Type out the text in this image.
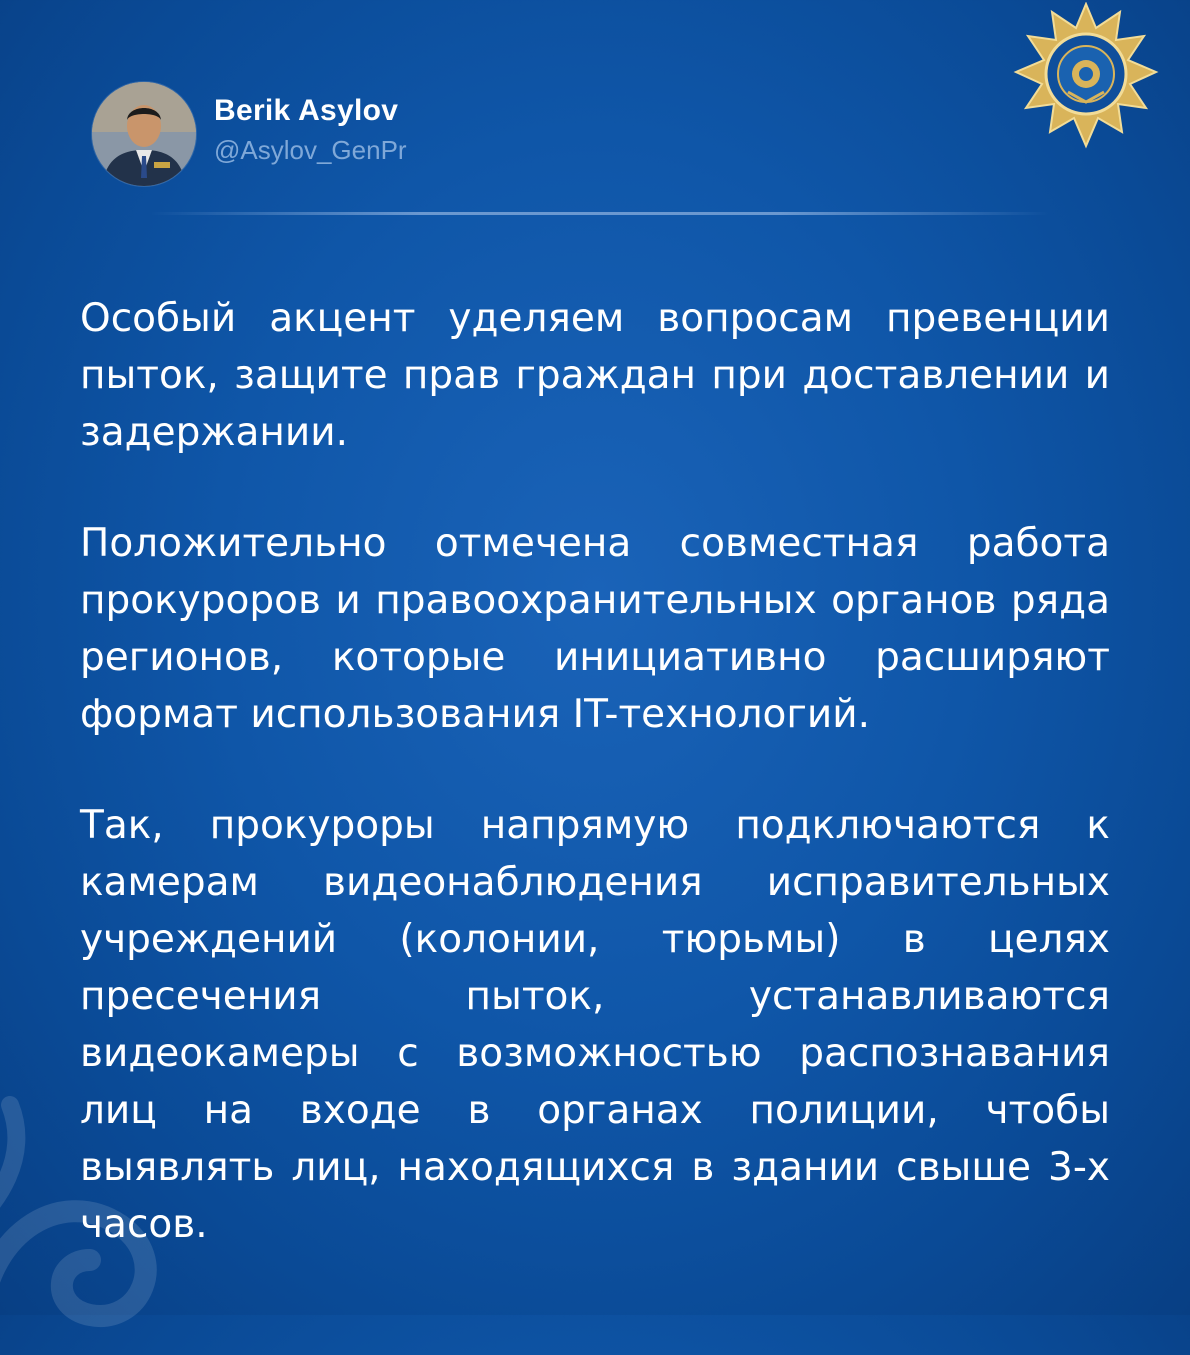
Berik Asylov
@Asylov_GenPr

Особый акцент уделяем вопросам превенции пыток, защите прав граждан при доставлении и задержании.

Положительно отмечена совместная работа прокуроров и правоохранительных органов ряда регионов, которые инициативно расширяют формат использования IT-технологий.

Так, прокуроры напрямую подключаются к камерам видеонаблюдения исправительных учреждений (колонии, тюрьмы) в целях пресечения пыток, устанавливаются видеокамеры с возможностью распознавания лиц на входе в органах полиции, чтобы выявлять лиц, находящихся в здании свыше 3-х часов.
